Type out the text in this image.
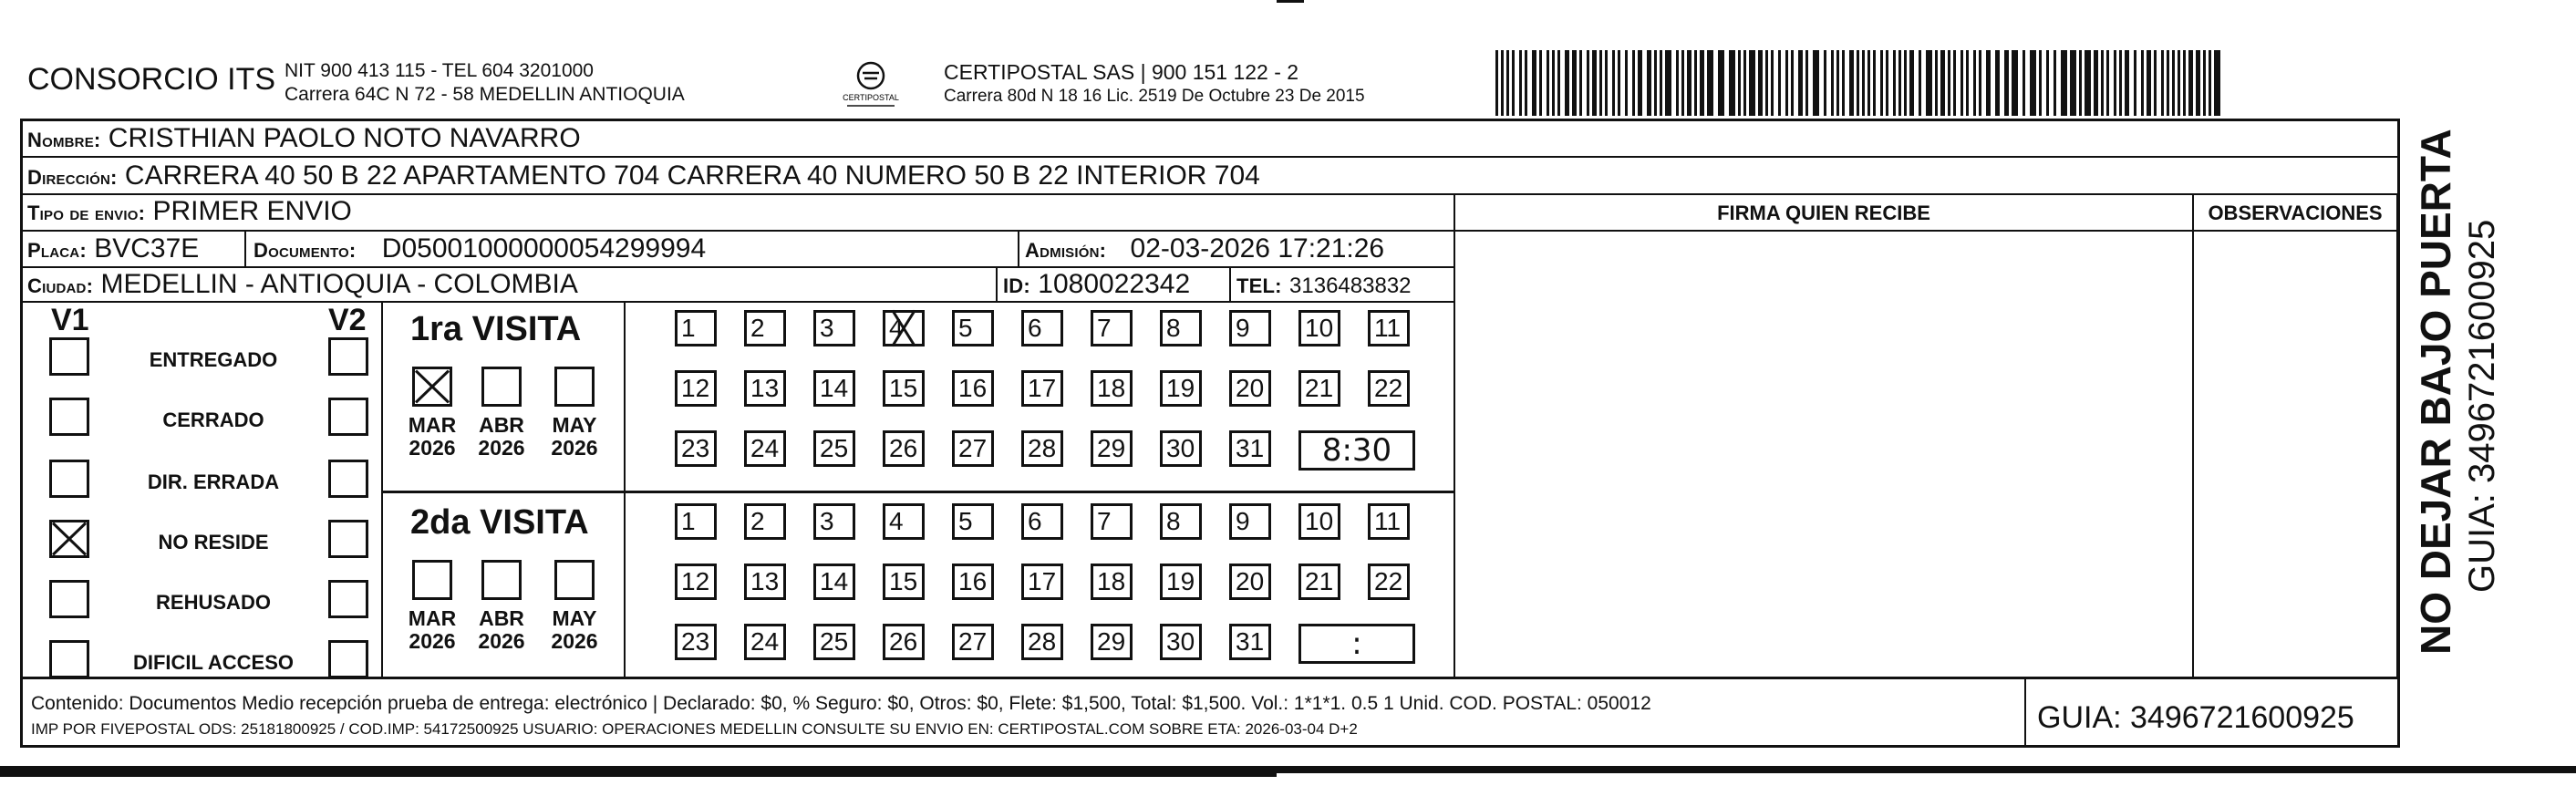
CONSORCIO ITS NIT 900 413 115 - TEL 604 3201000
Carrera 64C N 72 - 58 MEDELLIN ANTIOQUIA	CERTIPOSTAL
CERTIPOSTAL SAS | 900 151 122 - 2
Carrera 80d N 18 16 Lic. 2519 De Octubre 23 De 2015
Nombre: CRISTHIAN PAOLO NOTO NAVARRO
Dirección: CARRERA 40 50 B 22 APARTAMENTO 704 CARRERA 40 NUMERO 50 B 22 INTERIOR 704
Tipo de envio: PRIMER ENVIO	FIRMA QUIEN RECIBE	OBSERVACIONES
Placa: BVC37E	Documento: D05001000000054299994	Admisión: 02-03-2026 17:21:26
Ciudad: MEDELLIN - ANTIOQUIA - COLOMBIA	ID: 1080022342 TEL: 3136483832
V1	V2
ENTREGADO
CERRADO
DIR. ERRADA
NO RESIDE
REHUSADO
DIFICIL ACCESO
1ra VISITA
2da VISITA
MAR
2026
ABR
2026
MAY
2026
1	2	3	4	5	6	7	8	9	10 11
12 13 14 15 16 17 18 19 20 21 22
23 24 25 26 27 28 29 30 31	8:30
MAR
2026
ABR
2026
MAY
2026
1	2	3	4	5	6	7	8	9	10 11
12 13 14 15 16 17 18 19 20 21 22
23 24 25 26 27 28 29 30 31	:
Contenido: Documentos Medio recepción prueba de entrega: electrónico | Declarado: $0, % Seguro: $0, Otros: $0, Flete: $1,500, Total: $1,500. Vol.: 1*1*1. 0.5 1 Unid. COD. POSTAL: 050012
IMP POR FIVEPOSTAL ODS: 25181800925 / COD.IMP: 54172500925 USUARIO: OPERACIONES MEDELLIN CONSULTE SU ENVIO EN: CERTIPOSTAL.COM SOBRE ETA: 2026-03-04 D+2	GUIA: 3496721600925
NO DEJAR BAJO PUERTA GUIA: 3496721600925
